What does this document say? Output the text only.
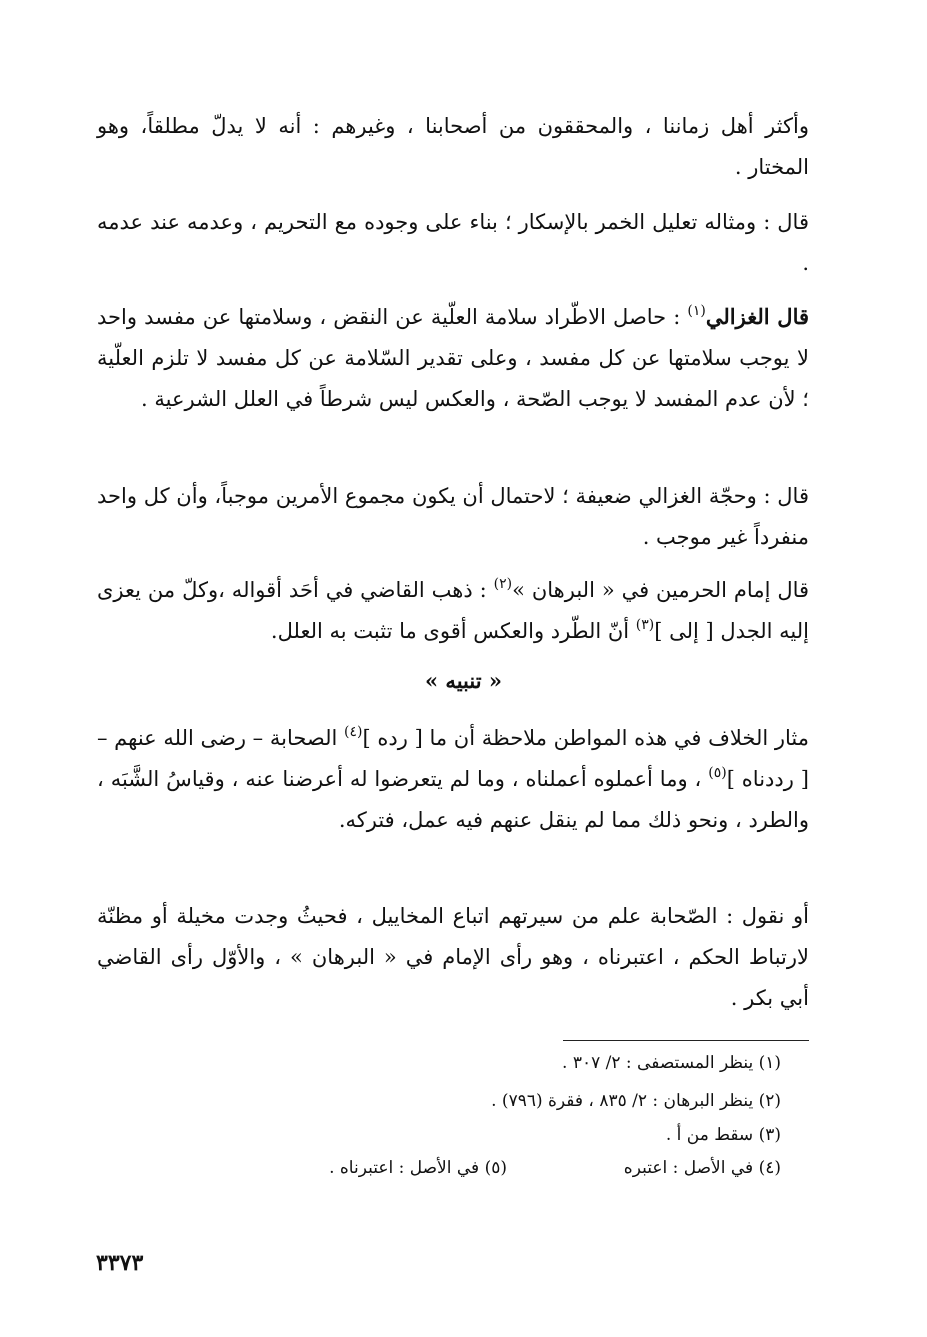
وأكثر أهل زماننا ، والمحققون من أصحابنا ، وغيرهم : أنه لا يدلّ مطلقاً، وهو المختار .
قال : ومثاله تعليل الخمر بالإسكار ؛ بناء على وجوده مع التحريم ، وعدمه عند عدمه .
قال الغزالي$^{(١)}$ : حاصل الاطّراد سلامة العلّية عن النقض ، وسلامتها عن مفسد واحد لا يوجب سلامتها عن كل مفسد ، وعلى تقدير السّلامة عن كل مفسد لا تلزم العلّية ؛ لأن عدم المفسد لا يوجب الصّحة ، والعكس ليس شرطاً في العلل الشرعية .
قال : وحجّة الغزالي ضعيفة ؛ لاحتمال أن يكون مجموع الأمرين موجباً، وأن كل واحد منفرداً غير موجب .
قال إمام الحرمين في « البرهان »$^{(٢)}$ : ذهب القاضي في أحَد أقواله ،وكلّ من يعزى إليه الجدل [ إلى ]$^{(٣)}$ أنّ الطّرد والعكس أقوى ما تثبت به العلل.
« تنبيه »
مثار الخلاف في هذه المواطن ملاحظة أن ما [ رده ]$^{(٤)}$ الصحابة – رضى الله عنهم – [ رددناه ]$^{(٥)}$ ، وما أعملوه أعملناه ، وما لم يتعرضوا له أعرضنا عنه ، وقياسُ الشَّبَه ، والطرد ، ونحو ذلك مما لم ينقل عنهم فيه عمل، فتركه.
أو نقول : الصّحابة علم من سيرتهم اتباع المخاييل ، فحيثُ وجدت مخيلة أو مظنّة لارتباط الحكم ، اعتبرناه ، وهو رأى الإمام في « البرهان » ، والأوّل رأى القاضي أبي بكر .
(١) ينظر المستصفى : ٢/ ٣٠٧ .
(٢) ينظر البرهان : ٢/ ٨٣٥ ، فقرة (٧٩٦) .
(٣) سقط من أ .
(٤) في الأصل : اعتبره
(٥) في الأصل : اعتبرناه .
٣٣٧٣
